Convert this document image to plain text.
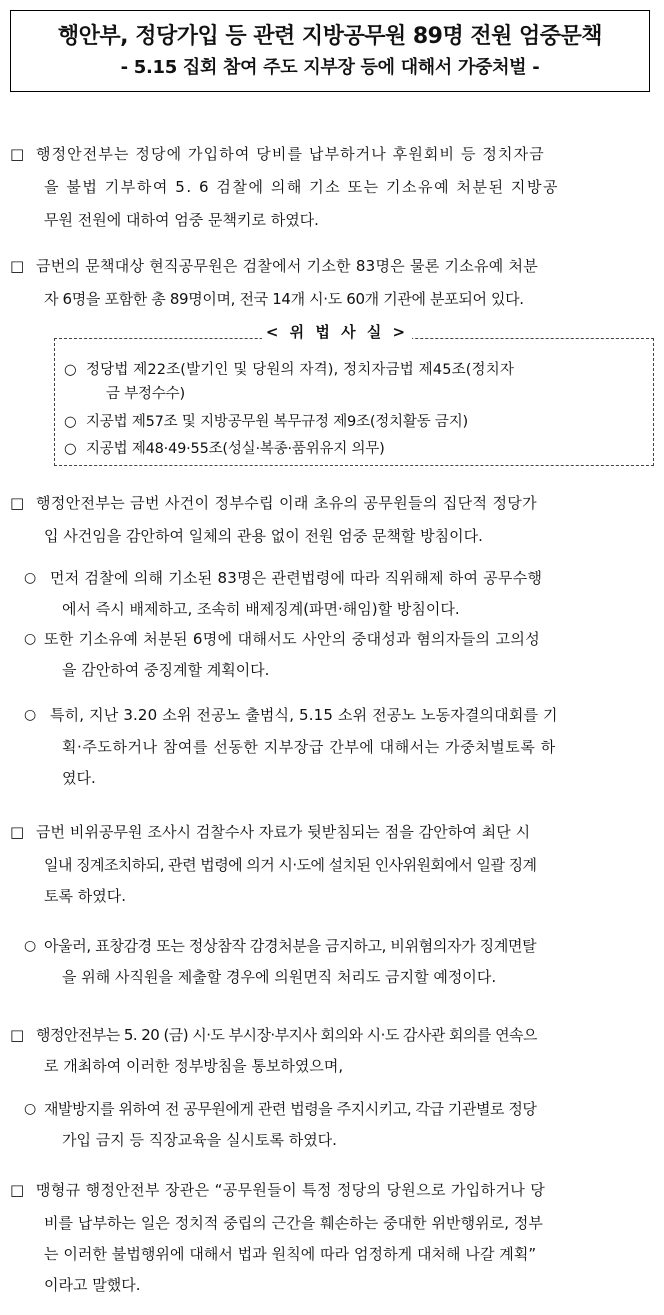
행안부, 정당가입 등 관련 지방공무원 89명 전원 엄중문책
- 5.15 집회 참여 주도 지부장 등에 대해서 가중처벌 -
□ 행정안전부는 정당에 가입하여 당비를 납부하거나 후원회비 등 정치자금
을 불법 기부하여 5. 6 검찰에 의해 기소 또는 기소유예 처분된 지방공
무원 전원에 대하여 엄중 문책키로 하였다.
□ 금번의 문책대상 현직공무원은 검찰에서 기소한 83명은 물론 기소유예 처분
자 6명을 포함한 총 89명이며, 전국 14개 시·도 60개 기관에 분포되어 있다.
< 위 법 사 실 >
○ 정당법 제22조(발기인 및 당원의 자격), 정치자금법 제45조(정치자
금 부정수수)
○ 지공법 제57조 및 지방공무원 복무규정 제9조(정치활동 금지)
○ 지공법 제48·49·55조(성실·복종·품위유지 의무)
□ 행정안전부는 금번 사건이 정부수립 이래 초유의 공무원들의 집단적 정당가
입 사건임을 감안하여 일체의 관용 없이 전원 엄중 문책할 방침이다.
○ 먼저 검찰에 의해 기소된 83명은 관련법령에 따라 직위해제 하여 공무수행
에서 즉시 배제하고, 조속히 배제징계(파면·해임)할 방침이다.
○ 또한 기소유예 처분된 6명에 대해서도 사안의 중대성과 혐의자들의 고의성
을 감안하여 중징계할 계획이다.
○ 특히, 지난 3.20 소위 전공노 출범식, 5.15 소위 전공노 노동자결의대회를 기
획·주도하거나 참여를 선동한 지부장급 간부에 대해서는 가중처벌토록 하
였다.
□ 금번 비위공무원 조사시 검찰수사 자료가 뒷받침되는 점을 감안하여 최단 시
일내 징계조치하되, 관련 법령에 의거 시·도에 설치된 인사위원회에서 일괄 징계
토록 하였다.
○ 아울러, 표창감경 또는 정상참작 감경처분을 금지하고, 비위혐의자가 징계면탈
을 위해 사직원을 제출할 경우에 의원면직 처리도 금지할 예정이다.
□ 행정안전부는 5. 20 (금) 시·도 부시장·부지사 회의와 시·도 감사관 회의를 연속으
로 개최하여 이러한 정부방침을 통보하였으며,
○ 재발방지를 위하여 전 공무원에게 관련 법령을 주지시키고, 각급 기관별로 정당
가입 금지 등 직장교육을 실시토록 하였다.
□ 맹형규 행정안전부 장관은 “공무원들이 특정 정당의 당원으로 가입하거나 당
비를 납부하는 일은 정치적 중립의 근간을 훼손하는 중대한 위반행위로, 정부
는 이러한 불법행위에 대해서 법과 원칙에 따라 엄정하게 대처해 나갈 계획”
이라고 말했다.
